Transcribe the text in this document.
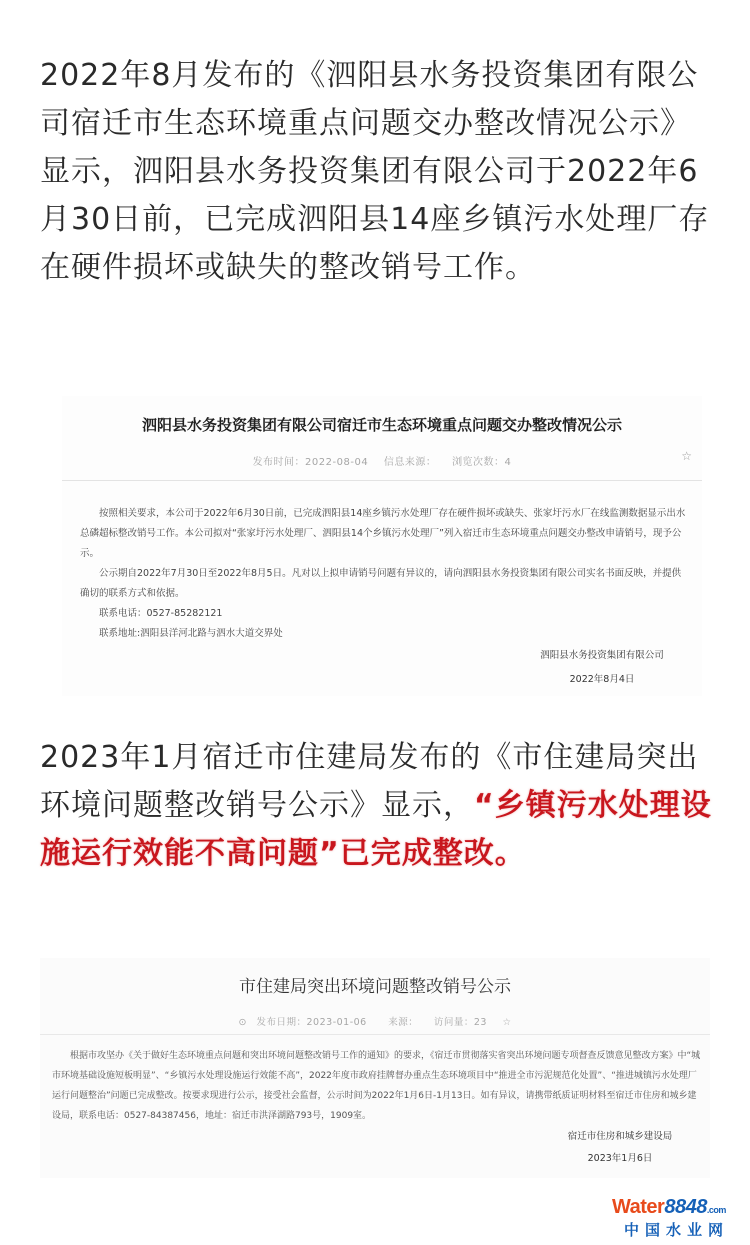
2022年8月发布的《泗阳县水务投资集团有限公司宿迁市生态环境重点问题交办整改情况公示》显示，泗阳县水务投资集团有限公司于2022年6月30日前，已完成泗阳县14座乡镇污水处理厂存在硬件损坏或缺失的整改销号工作。

泗阳县水务投资集团有限公司宿迁市生态环境重点问题交办整改情况公示
发布时间：2022-08-04 信息来源： 浏览次数：4	☆

按照相关要求，本公司于2022年6月30日前，已完成泗阳县14座乡镇污水处理厂存在硬件损坏或缺失、张家圩污水厂在线监测数据显示出水总磷超标整改销号工作。本公司拟对“张家圩污水处理厂、泗阳县14个乡镇污水处理厂”列入宿迁市生态环境重点问题交办整改申请销号，现予公示。

公示期自2022年7月30日至2022年8月5日。凡对以上拟申请销号问题有异议的，请向泗阳县水务投资集团有限公司实名书面反映，并提供确切的联系方式和依据。

联系电话：0527-85282121

联系地址:泗阳县洋河北路与泗水大道交界处

泗阳县水务投资集团有限公司
2022年8月4日

2023年1月宿迁市住建局发布的《市住建局突出环境问题整改销号公示》显示，“乡镇污水处理设施运行效能不高问题”已完成整改。

市住建局突出环境问题整改销号公示
⊙ 发布日期：2023-01-06 来源： 访问量：23 ☆

根据市攻坚办《关于做好生态环境重点问题和突出环境问题整改销号工作的通知》的要求，《宿迁市贯彻落实省突出环境问题专项督查反馈意见整改方案》中“城市环境基础设施短板明显”、“乡镇污水处理设施运行效能不高”，2022年度市政府挂牌督办重点生态环境项目中“推进全市污泥规范化处置”、“推进城镇污水处理厂运行问题整治”问题已完成整改。按要求现进行公示，接受社会监督，公示时间为2022年1月6日-1月13日。如有异议，请携带纸质证明材料至宿迁市住房和城乡建设局，联系电话：0527-84387456，地址：宿迁市洪泽湖路793号，1909室。

宿迁市住房和城乡建设局
2023年1月6日
Water8848.com
中国水业网
